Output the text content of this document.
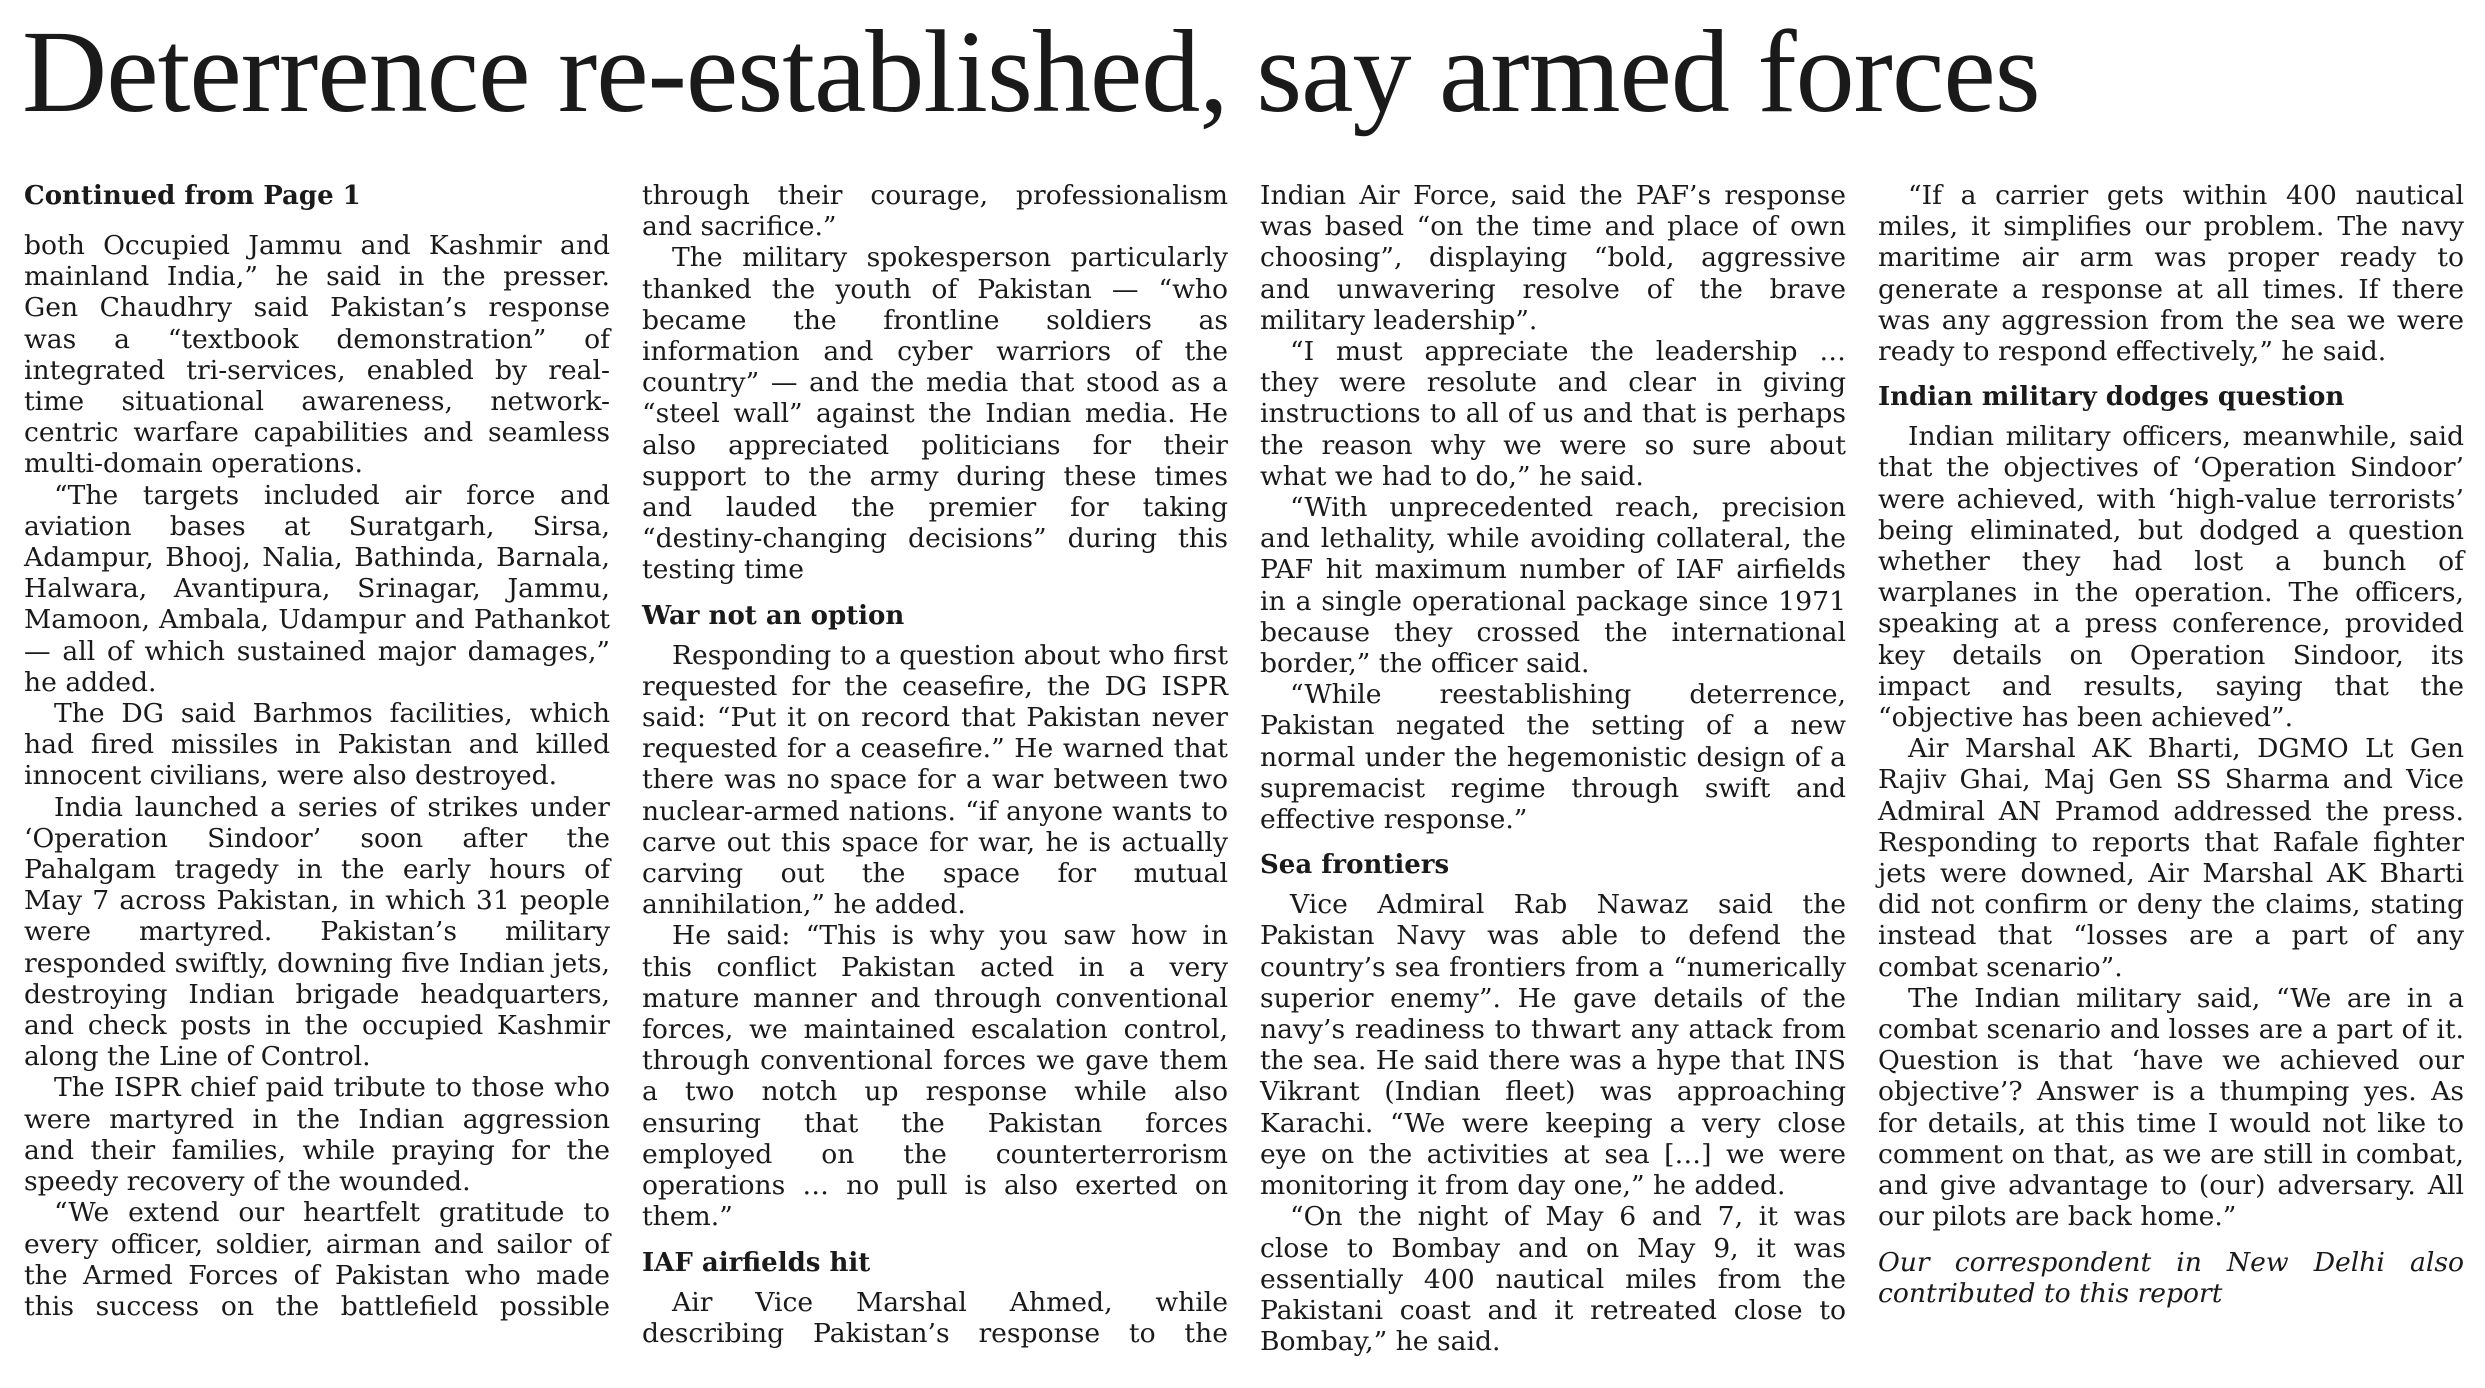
Deterrence re-established, say armed forces
Continued from Page 1

both Occupied Jammu and Kashmir and mainland India,” he said in the presser. Gen Chaudhry said Pakistan’s response was a “textbook demonstration” of integrated tri-services, enabled by real-time situational awareness, network-centric warfare capabilities and seamless multi-domain operations.

“The targets included air force and aviation bases at Suratgarh, Sirsa, Adampur, Bhooj, Nalia, Bathinda, Barnala, Halwara, Avantipura, Srinagar, Jammu, Mamoon, Ambala, Udampur and Pathankot — all of which sustained major damages,” he added.

The DG said Barhmos facilities, which had fired missiles in Pakistan and killed innocent civilians, were also destroyed.

India launched a series of strikes under ‘Operation Sindoor’ soon after the Pahalgam tragedy in the early hours of May 7 across Pakistan, in which 31 people were martyred. Pakistan’s military responded swiftly, downing five Indian jets, destroying Indian brigade headquarters, and check posts in the occupied Kashmir along the Line of Control.

The ISPR chief paid tribute to those who were martyred in the Indian aggression and their families, while praying for the speedy recovery of the wounded.

“We extend our heartfelt gratitude to every officer, soldier, airman and sailor of the Armed Forces of Pakistan who made this success on the battlefield possible through their courage, professionalism and sacrifice.”

The military spokesperson particularly thanked the youth of Pakistan — “who became the frontline soldiers as information and cyber warriors of the country” — and the media that stood as a “steel wall” against the Indian media. He also appreciated politicians for their support to the army during these times and lauded the premier for taking “destiny-changing decisions” during this testing time

War not an option

Responding to a question about who first requested for the ceasefire, the DG ISPR said: “Put it on record that Pakistan never requested for a ceasefire.” He warned that there was no space for a war between two nuclear-armed nations. “if anyone wants to carve out this space for war, he is actually carving out the space for mutual annihilation,” he added.

He said: “This is why you saw how in this conflict Pakistan acted in a very mature manner and through conventional forces, we maintained escalation control, through conventional forces we gave them a two notch up response while also ensuring that the Pakistan forces employed on the counterterrorism operations … no pull is also exerted on them.”

IAF airfields hit

Air Vice Marshal Ahmed, while describing Pakistan’s response to the Indian Air Force, said the PAF’s response was based “on the time and place of own choosing”, displaying “bold, aggressive and unwavering resolve of the brave military leadership”.

“I must appreciate the leadership … they were resolute and clear in giving instructions to all of us and that is perhaps the reason why we were so sure about what we had to do,” he said.

“With unprecedented reach, precision and lethality, while avoiding collateral, the PAF hit maximum number of IAF airfields in a single operational package since 1971 because they crossed the international border,” the officer said.

“While reestablishing deterrence, Pakistan negated the setting of a new normal under the hegemonistic design of a supremacist regime through swift and effective response.”

Sea frontiers

Vice Admiral Rab Nawaz said the Pakistan Navy was able to defend the country’s sea frontiers from a “numerically superior enemy”. He gave details of the navy’s readiness to thwart any attack from the sea. He said there was a hype that INS Vikrant (Indian fleet) was approaching Karachi. “We were keeping a very close eye on the activities at sea […] we were monitoring it from day one,” he added.

“On the night of May 6 and 7, it was close to Bombay and on May 9, it was essentially 400 nautical miles from the Pakistani coast and it retreated close to Bombay,” he said.

“If a carrier gets within 400 nautical miles, it simplifies our problem. The navy maritime air arm was proper ready to generate a response at all times. If there was any aggression from the sea we were ready to respond effectively,” he said.

Indian military dodges question

Indian military officers, meanwhile, said that the objectives of ‘Operation Sindoor’ were achieved, with ‘high-value terrorists’ being eliminated, but dodged a question whether they had lost a bunch of warplanes in the operation. The officers, speaking at a press conference, provided key details on Operation Sindoor, its impact and results, saying that the “objective has been achieved”.

Air Marshal AK Bharti, DGMO Lt Gen Rajiv Ghai, Maj Gen SS Sharma and Vice Admiral AN Pramod addressed the press. Responding to reports that Rafale fighter jets were downed, Air Marshal AK Bharti did not confirm or deny the claims, stating instead that “losses are a part of any combat scenario”.

The Indian military said, “We are in a combat scenario and losses are a part of it. Question is that ‘have we achieved our objective’? Answer is a thumping yes. As for details, at this time I would not like to comment on that, as we are still in combat, and give advantage to (our) adversary. All our pilots are back home.”

Our correspondent in New Delhi also contributed to this report
